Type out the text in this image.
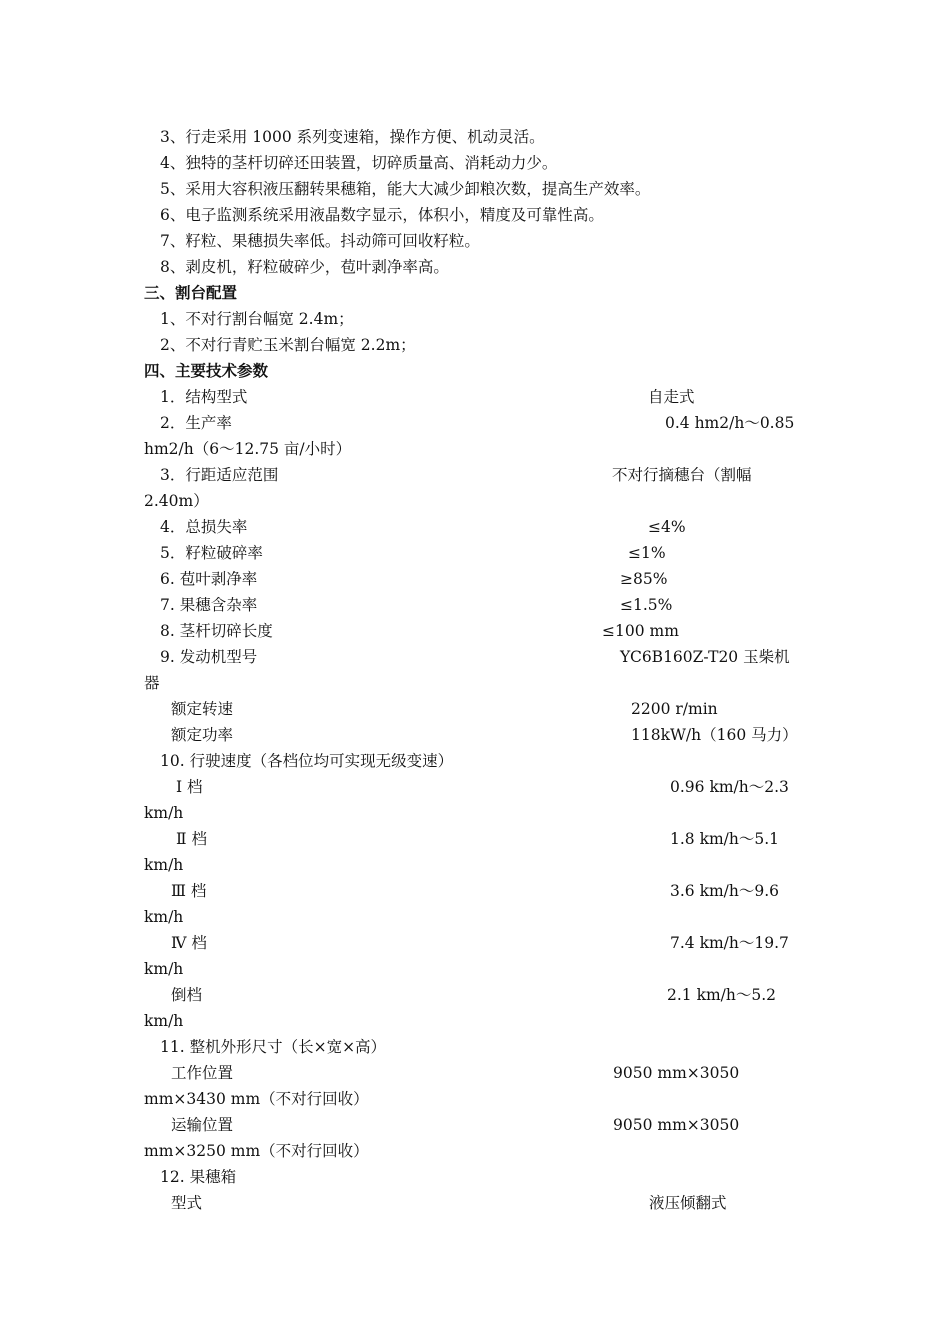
3、行走采用 1000 系列变速箱，操作方便、机动灵活。
4、独特的茎杆切碎还田装置，切碎质量高、消耗动力少。
5、采用大容积液压翻转果穗箱，能大大减少卸粮次数，提高生产效率。
6、电子监测系统采用液晶数字显示，体积小，精度及可靠性高。
7、籽粒、果穗损失率低。抖动筛可回收籽粒。
8、剥皮机，籽粒破碎少，苞叶剥净率高。
三、割台配置
1、不对行割台幅宽 2.4m；
2、不对行青贮玉米割台幅宽 2.2m；
四、主要技术参数
1．结构型式	自走式
2．生产率	0.4 hm2/h～0.85
hm2/h（6～12.75 亩/小时）
3．行距适应范围	不对行摘穗台（割幅
2.40m）
4．总损失率	≤4%
5．籽粒破碎率	≤1%
6. 苞叶剥净率	≥85%
7. 果穗含杂率	≤1.5%
8. 茎杆切碎长度	≤100 mm
9. 发动机型号	YC6B160Z-T20 玉柴机
器
额定转速	2200 r/min
额定功率	118kW/h（160 马力）
10. 行驶速度（各档位均可实现无级变速）
Ⅰ 档	0.96 km/h～2.3
km/h
Ⅱ 档	1.8 km/h～5.1
km/h
Ⅲ 档	3.6 km/h～9.6
km/h
Ⅳ 档	7.4 km/h～19.7
km/h
倒档	2.1 km/h～5.2
km/h
11. 整机外形尺寸（长×宽×高）
工作位置	9050 mm×3050
mm×3430 mm（不对行回收）
运输位置	9050 mm×3050
mm×3250 mm（不对行回收）
12. 果穗箱
型式	液压倾翻式
